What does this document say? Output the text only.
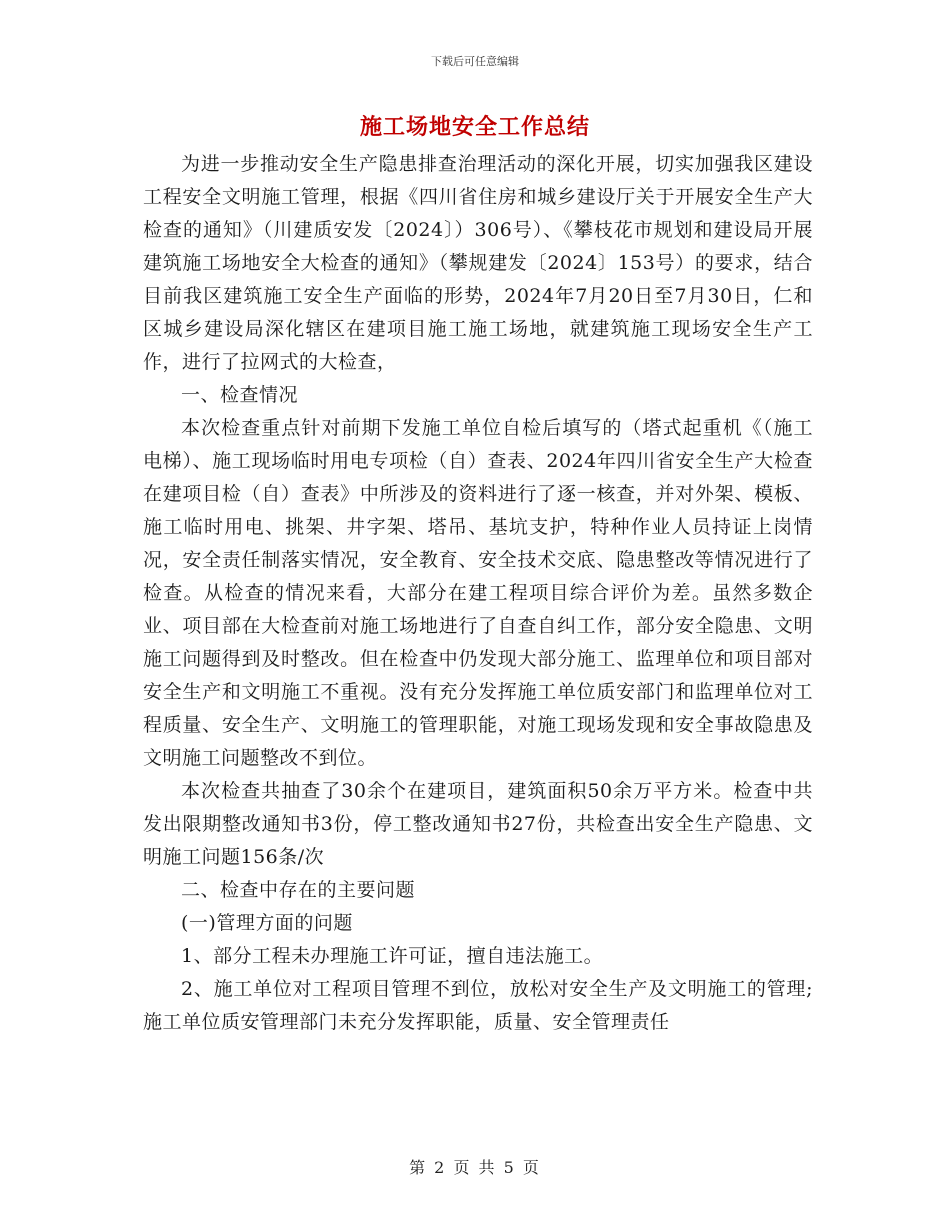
下载后可任意编辑
施工场地安全工作总结

为进一步推动安全生产隐患排查治理活动的深化开展，切实加强我区建设工程安全文明施工管理，根据《四川省住房和城乡建设厅关于开展安全生产大检查的通知》（川建质安发〔2024〕）306号）、《攀枝花市规划和建设局开展建筑施工场地安全大检查的通知》（攀规建发〔2024〕153号）的要求，结合目前我区建筑施工安全生产面临的形势，2024年7月20日至7月30日，仁和区城乡建设局深化辖区在建项目施工施工场地，就建筑施工现场安全生产工作，进行了拉网式的大检查，

一、检查情况

本次检查重点针对前期下发施工单位自检后填写的（塔式起重机《（施工电梯）、施工现场临时用电专项检（自）查表、2024年四川省安全生产大检查在建项目检（自）查表》中所涉及的资料进行了逐一核查，并对外架、模板、施工临时用电、挑架、井字架、塔吊、基坑支护，特种作业人员持证上岗情况，安全责任制落实情况，安全教育、安全技术交底、隐患整改等情况进行了检查。从检查的情况来看，大部分在建工程项目综合评价为差。虽然多数企业、项目部在大检查前对施工场地进行了自查自纠工作，部分安全隐患、文明施工问题得到及时整改。但在检查中仍发现大部分施工、监理单位和项目部对安全生产和文明施工不重视。没有充分发挥施工单位质安部门和监理单位对工程质量、安全生产、文明施工的管理职能，对施工现场发现和安全事故隐患及文明施工问题整改不到位。

本次检查共抽查了30余个在建项目，建筑面积50余万平方米。检查中共发出限期整改通知书3份，停工整改通知书27份，共检查出安全生产隐患、文明施工问题156条/次

二、检查中存在的主要问题

(一)管理方面的问题

1、部分工程未办理施工许可证，擅自违法施工。

2、施工单位对工程项目管理不到位，放松对安全生产及文明施工的管理;施工单位质安管理部门未充分发挥职能，质量、安全管理责任

第 2 页 共 5 页
